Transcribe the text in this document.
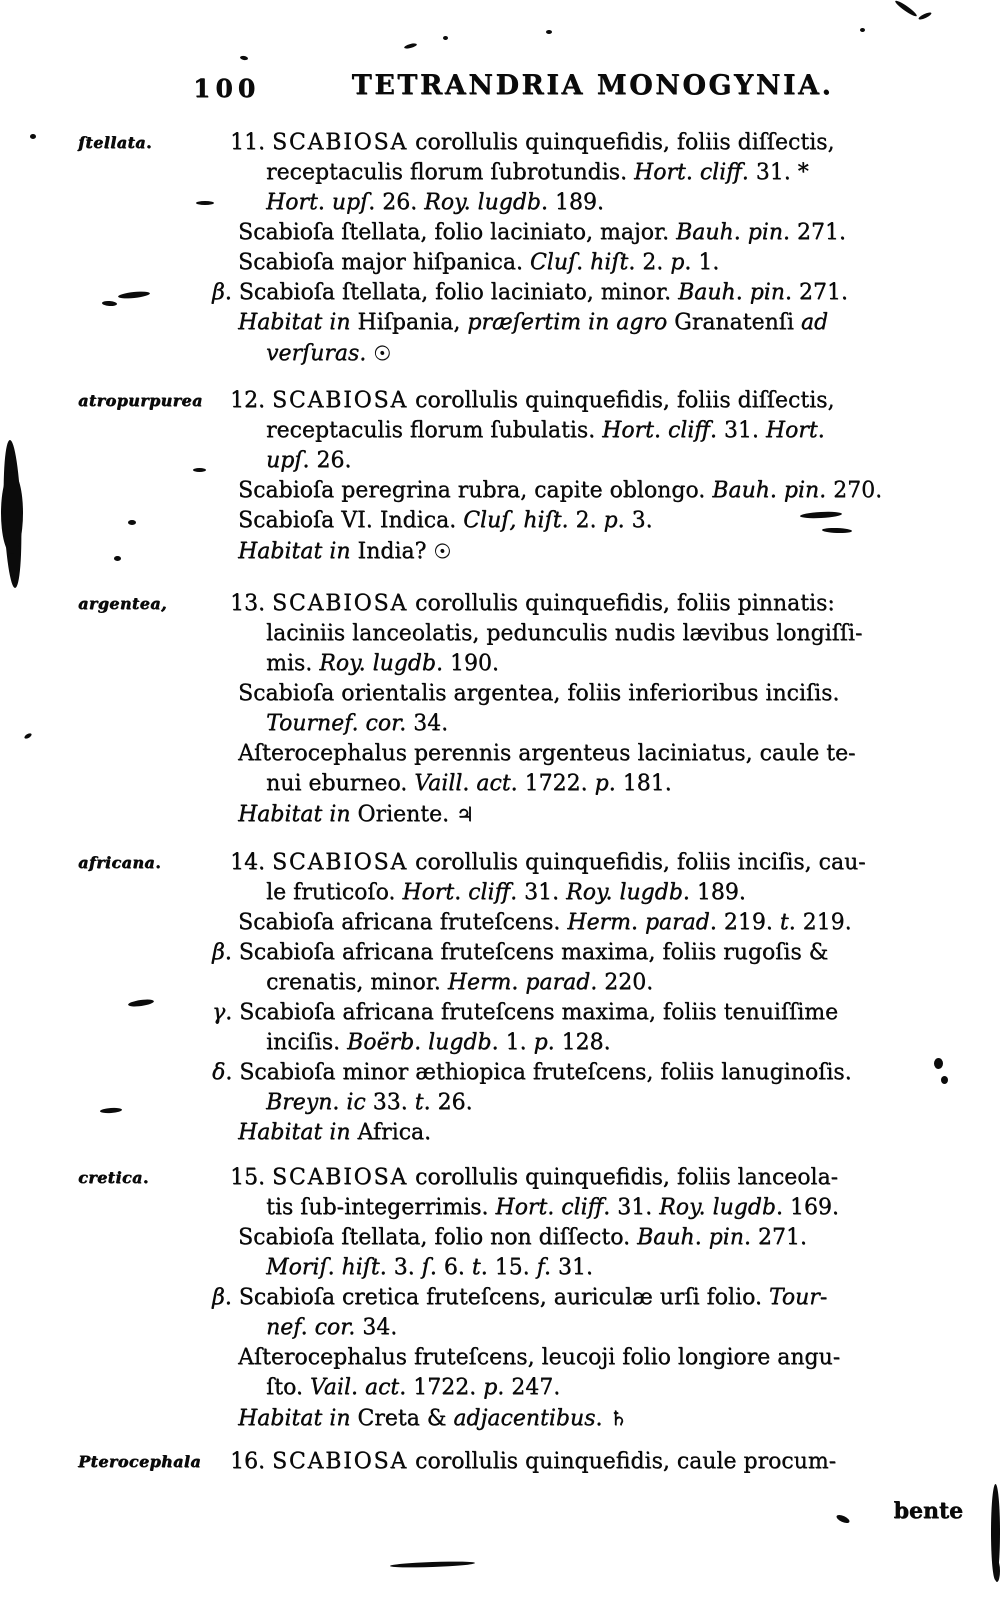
100	TETRANDRIA MONOGYNIA.
ſtellata.	11. SCABIOSA corollulis quinquefidis, foliis diſſectis,
receptaculis florum ſubrotundis. Hort. cliff. 31. *
Hort. upſ. 26. Roy. lugdb. 189.
Scabioſa ſtellata, folio laciniato, major. Bauh. pin. 271.
Scabioſa major hiſpanica. Cluſ. hiſt. 2. p. 1.
β. Scabioſa ſtellata, folio laciniato, minor. Bauh. pin. 271.
Habitat in Hiſpania, præſertim in agro Granatenſi ad
verſuras. ☉
atropurpurea	12. SCABIOSA corollulis quinquefidis, foliis diſſectis,
receptaculis florum ſubulatis. Hort. cliff. 31. Hort.
upſ. 26.
Scabioſa peregrina rubra, capite oblongo. Bauh. pin. 270.
Scabioſa VI. Indica. Cluſ, hiſt. 2. p. 3.
Habitat in India? ☉
argentea,	13. SCABIOSA corollulis quinquefidis, foliis pinnatis:
laciniis lanceolatis, pedunculis nudis lævibus longiſſi-
mis. Roy. lugdb. 190.
Scabioſa orientalis argentea, foliis inferioribus inciſis.
Tournef. cor. 34.
Aſterocephalus perennis argenteus laciniatus, caule te-
nui eburneo. Vaill. act. 1722. p. 181.
Habitat in Oriente. ♃
africana.	14. SCABIOSA corollulis quinquefidis, foliis inciſis, cau-
le fruticoſo. Hort. cliff. 31. Roy. lugdb. 189.
Scabioſa africana fruteſcens. Herm. parad. 219. t. 219.
β. Scabioſa africana fruteſcens maxima, foliis rugoſis &
crenatis, minor. Herm. parad. 220.
γ. Scabioſa africana fruteſcens maxima, foliis tenuiſſime
inciſis. Boërb. lugdb. 1. p. 128.
δ. Scabioſa minor æthiopica fruteſcens, foliis lanuginoſis.
Breyn. ic 33. t. 26.
Habitat in Africa.
cretica.	15. SCABIOSA corollulis quinquefidis, foliis lanceola-
tis ſub-integerrimis. Hort. cliff. 31. Roy. lugdb. 169.
Scabioſa ſtellata, folio non diſſecto. Bauh. pin. 271.
Moriſ. hiſt. 3. ſ. 6. t. 15. f. 31.
β. Scabioſa cretica fruteſcens, auriculæ urſi folio. Tour-
nef. cor. 34.
Aſterocephalus fruteſcens, leucoji folio longiore angu-
ſto. Vail. act. 1722. p. 247.
Habitat in Creta & adjacentibus. ♄
Pterocephala	16. SCABIOSA corollulis quinquefidis, caule procum-
bente
